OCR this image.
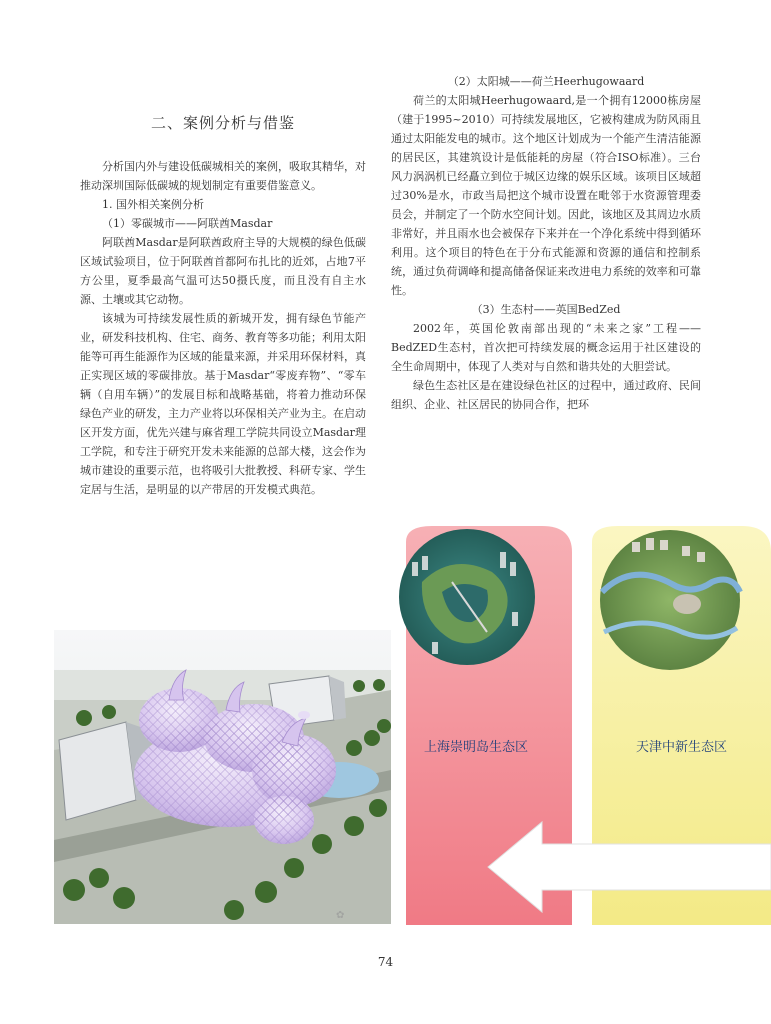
二、案例分析与借鉴

分析国内外与建设低碳城相关的案例，吸取其精华，对推动深圳国际低碳城的规划制定有重要借鉴意义。

1. 国外相关案例分析

（1）零碳城市——阿联酋Masdar

阿联酋Masdar是阿联酋政府主导的大规模的绿色低碳区域试验项目，位于阿联酋首都阿布扎比的近郊，占地7平方公里，夏季最高气温可达50摄氏度，而且没有自主水源、土壤或其它动物。

该城为可持续发展性质的新城开发，拥有绿色节能产业，研发科技机构、住宅、商务、教育等多功能；利用太阳能等可再生能源作为区域的能量来源，并采用环保材料，真正实现区域的零碳排放。基于Masdar“零废弃物”、“零车辆（自用车辆）”的发展目标和战略基础，将着力推动环保绿色产业的研发，主力产业将以环保相关产业为主。在启动区开发方面，优先兴建与麻省理工学院共同设立Masdar理工学院，和专注于研究开发未来能源的总部大楼，这会作为城市建设的重要示范，也将吸引大批教授、科研专家、学生定居与生活，是明显的以产带居的开发模式典范。

（2）太阳城——荷兰Heerhugowaard

荷兰的太阳城Heerhugowaard,是一个拥有12000栋房屋（建于1995~2010）可持续发展地区，它被构建成为防风雨且通过太阳能发电的城市。这个地区计划成为一个能产生清洁能源的居民区，其建筑设计是低能耗的房屋（符合ISO标准）。三台风力涡涡机已经矗立到位于城区边缘的娱乐区域。该项目区域超过30%是水，市政当局把这个城市设置在毗邻于水资源管理委员会，并制定了一个防水空间计划。因此，该地区及其周边水质非常好，并且雨水也会被保存下来并在一个净化系统中得到循环利用。这个项目的特色在于分布式能源和资源的通信和控制系统，通过负荷调峰和提高储备保证来改进电力系统的效率和可靠性。

（3）生态村——英国BedZed

2002年，英国伦敦南部出现的“未来之家”工程——BedZED生态村，首次把可持续发展的概念运用于社区建设的全生命周期中，体现了人类对与自然和谐共处的大胆尝试。

绿色生态社区是在建设绿色社区的过程中，通过政府、民间组织、企业、社区居民的协同合作，把环

✿
上海崇明岛生态区	天津中新生态区
74
